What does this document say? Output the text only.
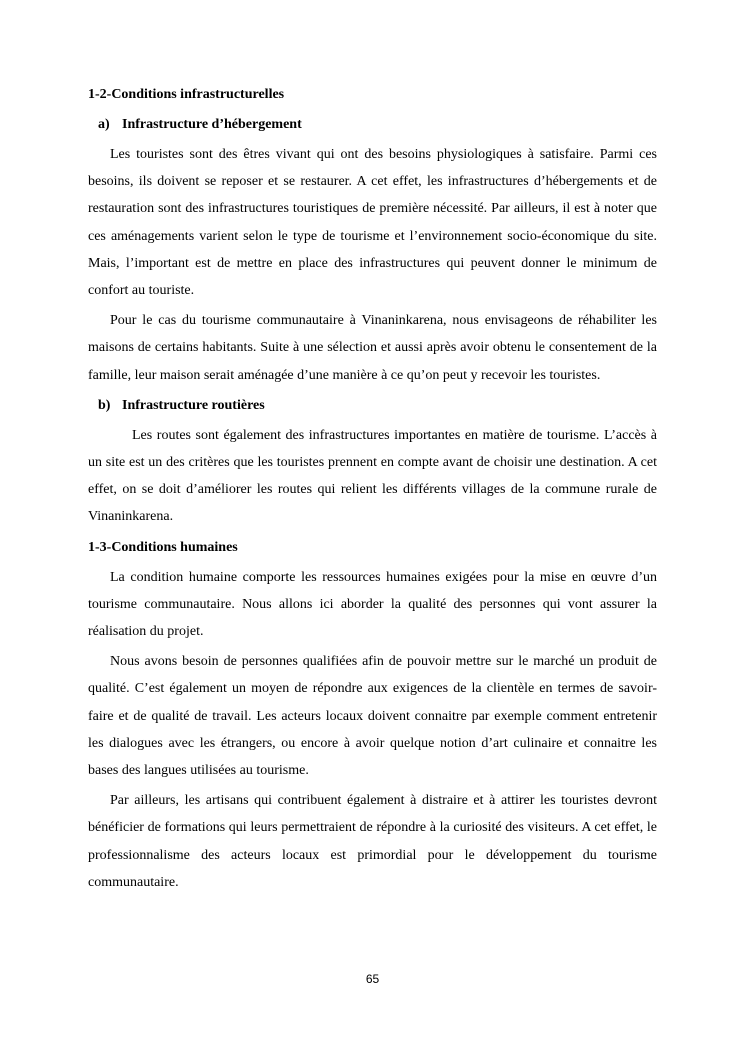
1-2-Conditions infrastructurelles
a) Infrastructure d’hébergement

Les touristes sont des êtres vivant qui ont des besoins physiologiques à satisfaire. Parmi ces besoins, ils doivent se reposer et se restaurer. A cet effet, les infrastructures d’hébergements et de restauration sont des infrastructures touristiques de première nécessité. Par ailleurs, il est à noter que ces aménagements varient selon le type de tourisme et l’environnement socio-économique du site. Mais, l’important est de mettre en place des infrastructures qui peuvent donner le minimum de confort au touriste.

Pour le cas du tourisme communautaire à Vinaninkarena, nous envisageons de réhabiliter les maisons de certains habitants. Suite à une sélection et aussi après avoir obtenu le consentement de la famille, leur maison serait aménagée d’une manière à ce qu’on peut y recevoir les touristes.

b) Infrastructure routières

Les routes sont également des infrastructures importantes en matière de tourisme. L’accès à un site est un des critères que les touristes prennent en compte avant de choisir une destination. A cet effet, on se doit d’améliorer les routes qui relient les différents villages de la commune rurale de Vinaninkarena.

1-3-Conditions humaines

La condition humaine comporte les ressources humaines exigées pour la mise en œuvre d’un tourisme communautaire. Nous allons ici aborder la qualité des personnes qui vont assurer la réalisation du projet.

Nous avons besoin de personnes qualifiées afin de pouvoir mettre sur le marché un produit de qualité. C’est également un moyen de répondre aux exigences de la clientèle en termes de savoir-faire et de qualité de travail. Les acteurs locaux doivent connaitre par exemple comment entretenir les dialogues avec les étrangers, ou encore à avoir quelque notion d’art culinaire et connaitre les bases des langues utilisées au tourisme.

Par ailleurs, les artisans qui contribuent également à distraire et à attirer les touristes devront bénéficier de formations qui leurs permettraient de répondre à la curiosité des visiteurs. A cet effet, le professionnalisme des acteurs locaux est primordial pour le développement du tourisme communautaire.

65
